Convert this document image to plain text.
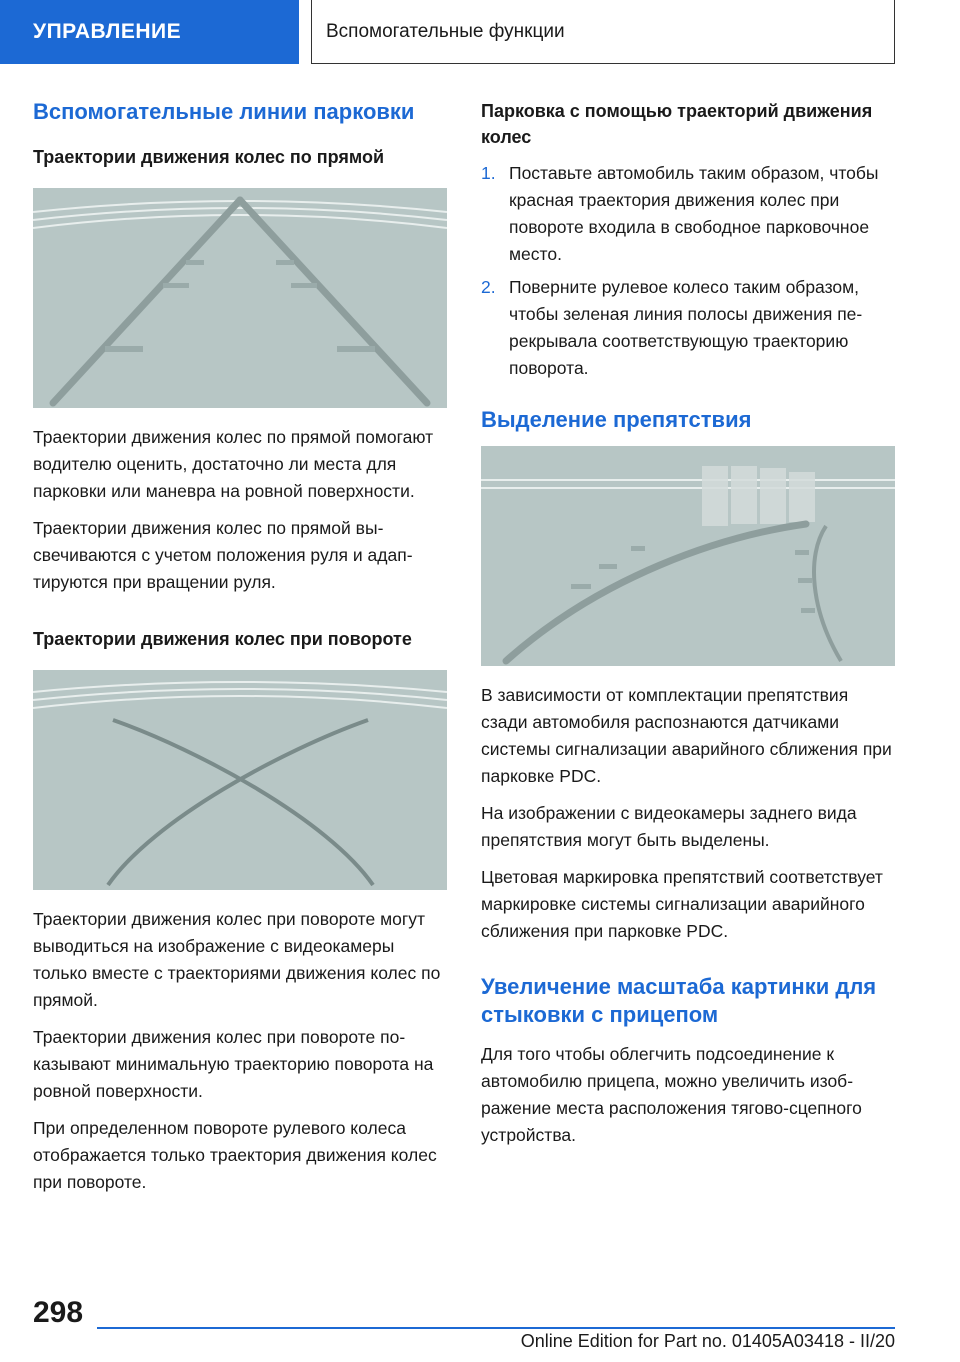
УПРАВЛЕНИЕ	Вспомогательные функции
Вспомогательные линии парковки
Траектории движения колес по прямой

Траектории движения колес по прямой помогают водителю оценить, достаточно ли места для парковки или маневра на ровной поверхности.

Траектории движения колес по прямой высвечиваются с учетом положения руля и адаптируются при вращении руля.

Траектории движения колес при повороте

Траектории движения колес при повороте могут выводиться на изображение с видеокамеры только вместе с траекториями движения колес по прямой.

Траектории движения колес при повороте показывают минимальную траекторию поворота на ровной поверхности.

При определенном повороте рулевого колеса отображается только траектория движения колес при повороте.

Парковка с помощью траекторий движения колес
1. Поставьте автомобиль таким образом, чтобы красная траектория движения колес при повороте входила в свободное парковочное место.
2. Поверните рулевое колесо таким образом, чтобы зеленая линия полосы движения перекрывала соответствующую траекторию поворота.
Выделение препятствия

В зависимости от комплектации препятствия сзади автомобиля распознаются датчиками системы сигнализации аварийного сближения при парковке PDC.

На изображении с видеокамеры заднего вида препятствия могут быть выделены.

Цветовая маркировка препятствий соответствует маркировке системы сигнализации аварийного сближения при парковке PDC.

Увеличение масштаба картинки для стыковки с прицепом

Для того чтобы облегчить подсоединение к автомобилю прицепа, можно увеличить изображение места расположения тягово-сцепного устройства.

298
Online Edition for Part no. 01405A03418 - II/20
